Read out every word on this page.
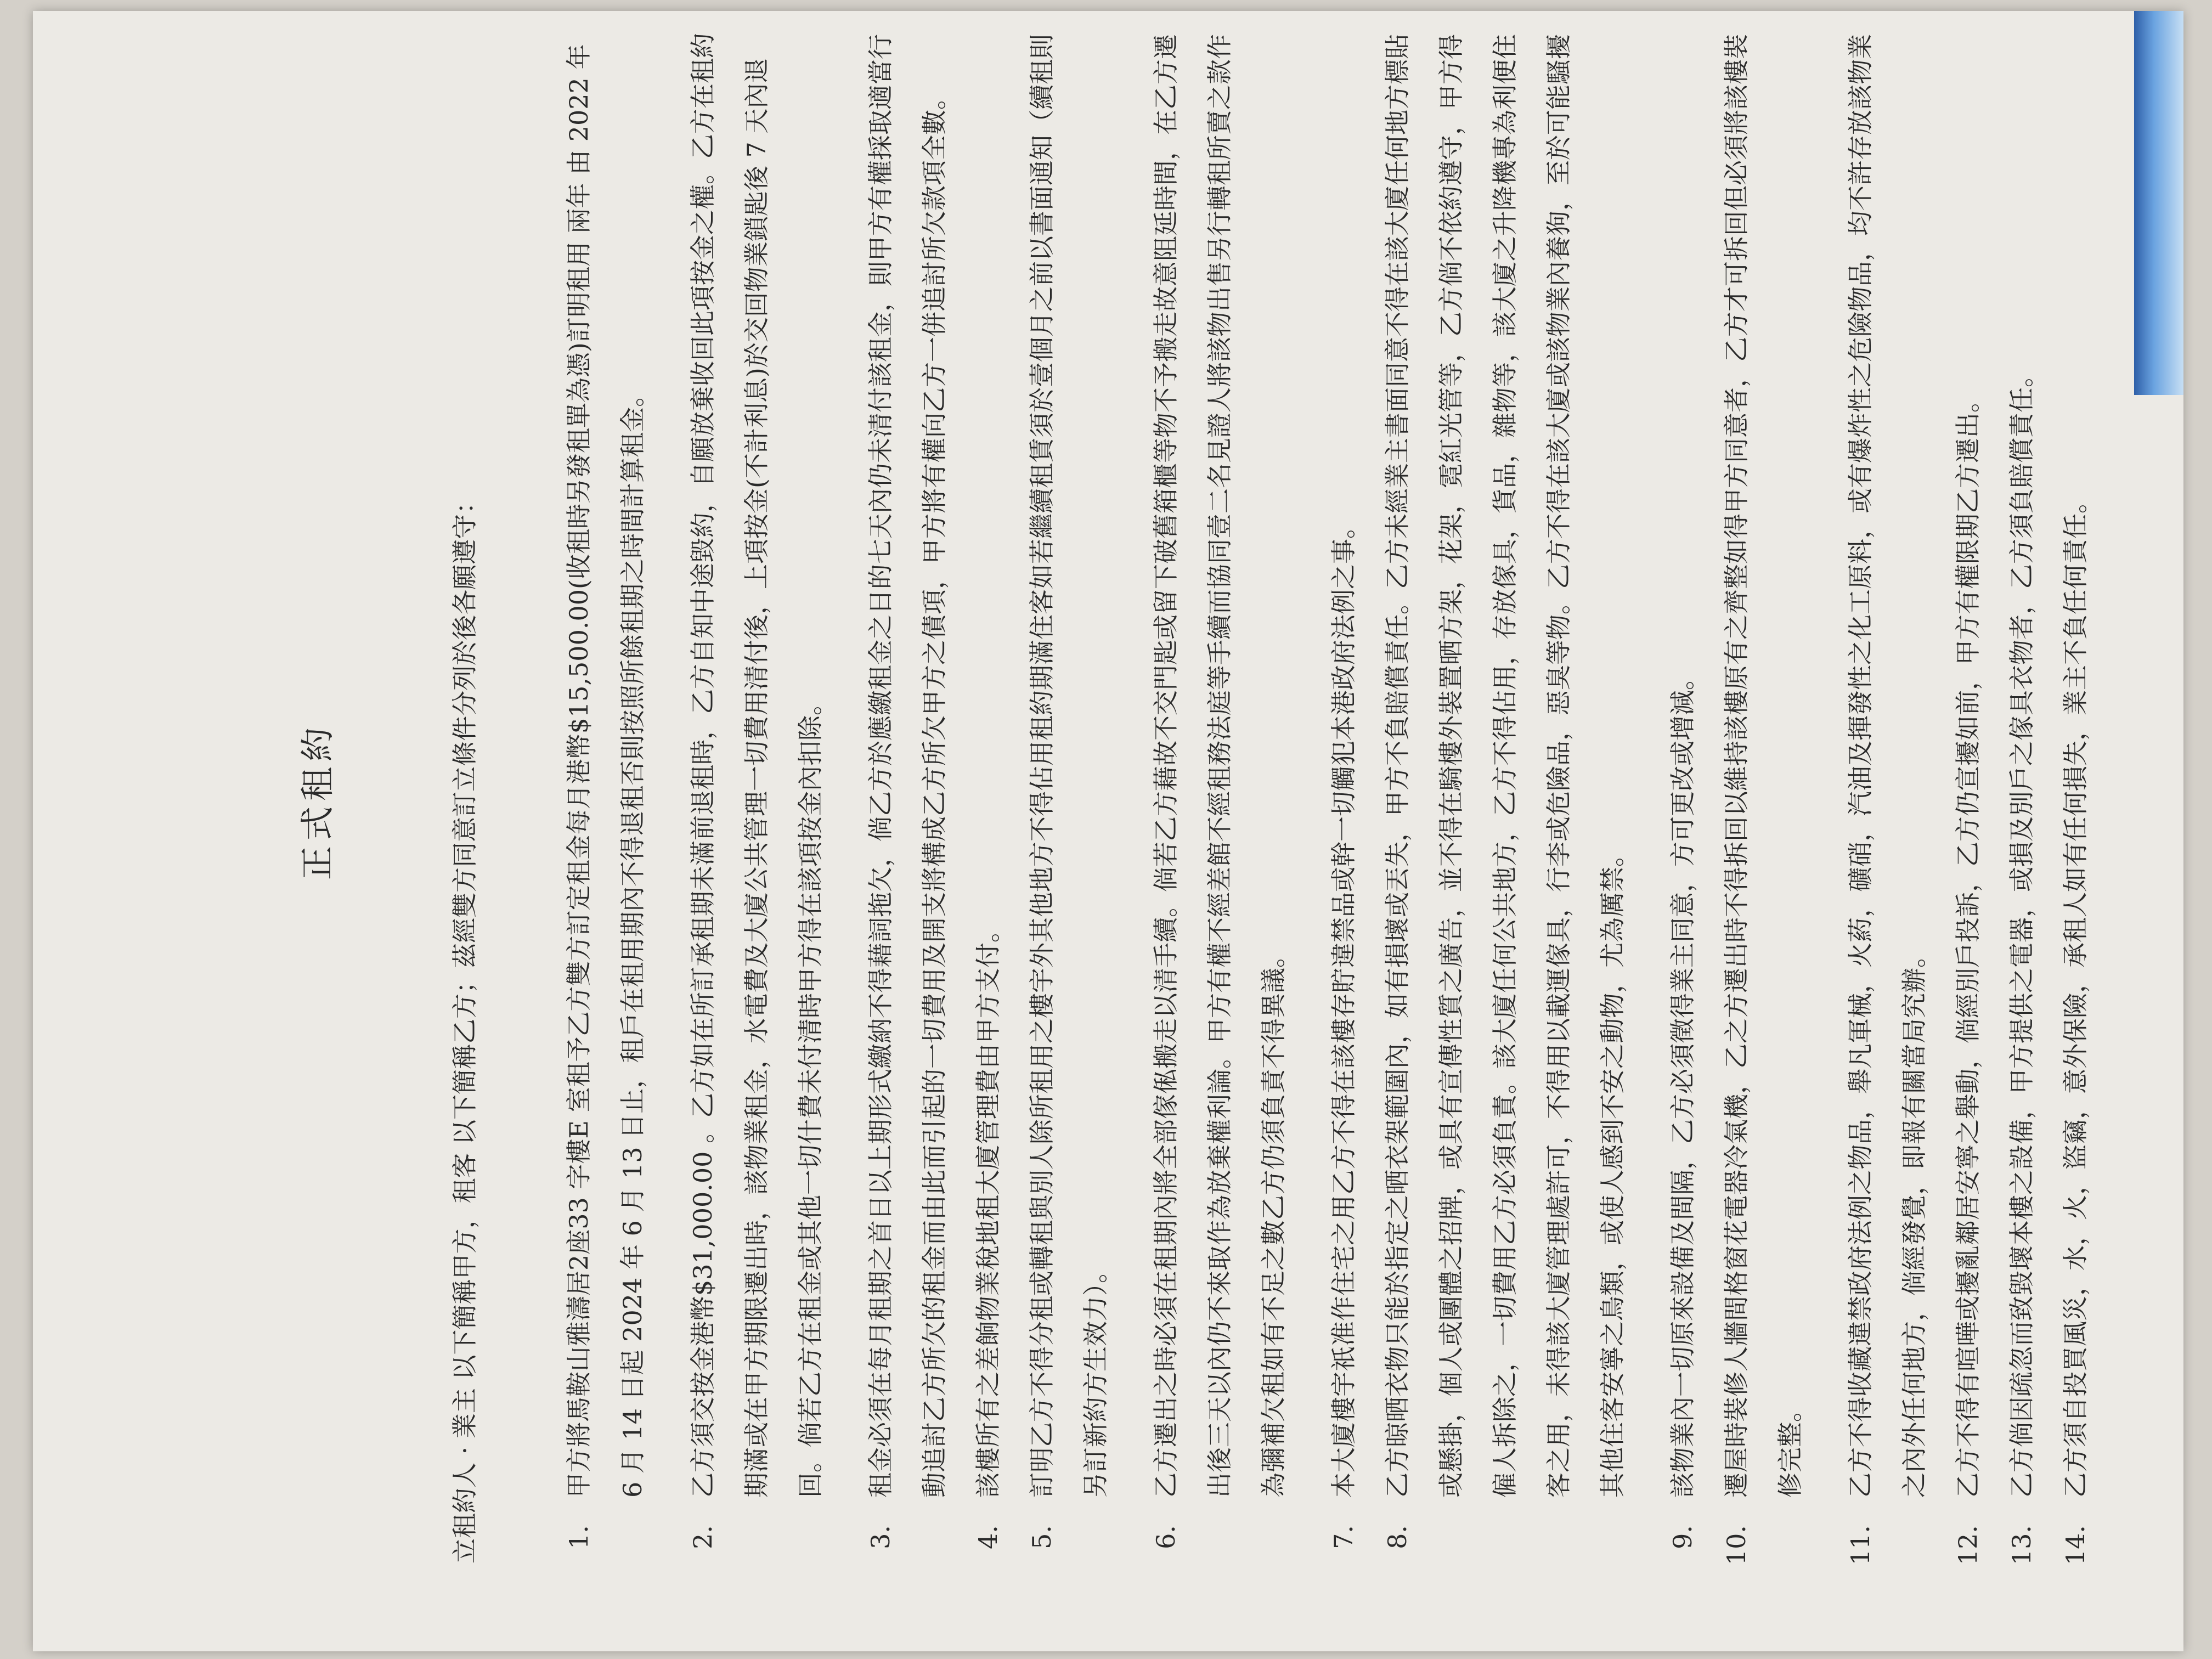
正式租約	立租約人 · 業主 以下簡稱甲方，租客 以下簡稱乙方；茲經雙方同意訂立條件分列於後各願遵守：	1.
甲方將馬鞍山雅濤居2座33 字樓E 室租予乙方雙方訂定租金每月港幣$15,500.00(收租時另發租單為憑)訂明租用 兩年 由 2022 年 6 月 14 日起 2024 年 6 月 13 日止，租戶在租用期內不得退租否則按照所餘租期之時間計算租金。
2.
乙方須交按金港幣$31,000.00 。乙方如在所訂承租期未滿前退租時，乙方自知中途毀約，自願放棄收回此項按金之權。乙方在租約期滿或在甲方期限遷出時，該物業租金，水電費及大廈公共管理一切費用清付後，上項按金(不計利息)於交回物業鎖匙後 7 天內退回。倘若乙方在租金或其他一切什費未付清時甲方得在該項按金內扣除。
3.
租金必須在每月租期之首日以上期形式繳納不得藉詞拖欠，倘乙方於應繳租金之日的七天內仍未清付該租金，則甲方有權採取適當行動追討乙方所欠的租金而由此而引起的一切費用及開支將構成乙方所欠甲方之債項，甲方將有權向乙方一併追討所欠款項全數。
4.
該樓所有之差餉物業稅地租大廈管理費由甲方支付。
5.
訂明乙方不得分租或轉租與別人除所租用之樓宇外其他地方不得佔用租約期滿住客如若繼續租賃須於壹個月之前以書面通知（續租則另訂新約方生效力）。
6.
乙方遷出之時必須在租期內將全部傢俬搬走以清手續。倘若乙方藉故不交門匙或留下破舊箱櫃等物不予搬走故意阻延時間，在乙方遷出後三天以內仍不來取作為放棄權利論。甲方有權不經差館不經租務法庭等手續而協同壹二名見證人將該物出售另行轉租所賣之款作為彌補欠租如有不足之數乙方仍須負責不得異議。
7.
本大廈樓宇祇准作住宅之用乙方不得在該樓存貯違禁品或幹一切觸犯本港政府法例之事。
8.
乙方晾晒衣物只能於指定之晒衣架範圍內，如有損壞或丟失，甲方不負賠償責任。乙方未經業主書面同意不得在該大廈任何地方標貼或懸掛，個人或團體之招牌，或具有宣傳性質之廣告，並不得在騎樓外裝置晒方架，花架，霓紅光管等，乙方倘不依約遵守，甲方得僱人拆除之，一切費用乙方必須負責。該大廈任何公共地方，乙方不得佔用，存放傢具，貨品，雜物等，該大廈之升降機專為利便住客之用，未得該大廈管理處許可，不得用以載運傢具，行李或危險品，惡臭等物。乙方不得在該大廈或該物業內養狗，至於可能騷擾其他住客安寧之鳥類，或使人感到不安之動物，尤為厲禁。
9.
該物業內一切原來設備及間隔，乙方必須徵得業主同意，方可更改或增減。
10.
遷屋時裝修人牆間格窗花電器冷氣機，乙之方遷出時不得拆回以維持該樓原有之齊整如得甲方同意者，乙方才可拆回但必須將該樓裝修完整。
11.
乙方不得收藏違禁政府法例之物品，舉凡軍械，火葯，礦硝，汽油及揮發性之化工原料，或有爆炸性之危險物品，均不許存放該物業之內外任何地方，倘經發覺，即報有關當局究辦。
12.
乙方不得有喧嘩或擾亂鄰居安寧之舉動，倘經別戶投訴，乙方仍宣擾如前，甲方有權限期乙方遷出。
13.
乙方倘因疏忽而致毀壞本樓之設備，甲方提供之電器，或損及別戶之傢具衣物者，乙方須負賠償責任。
14.
乙方須自投買風災，水，火，盜竊，意外保險，承租人如有任何損失，業主不負任何責任。
